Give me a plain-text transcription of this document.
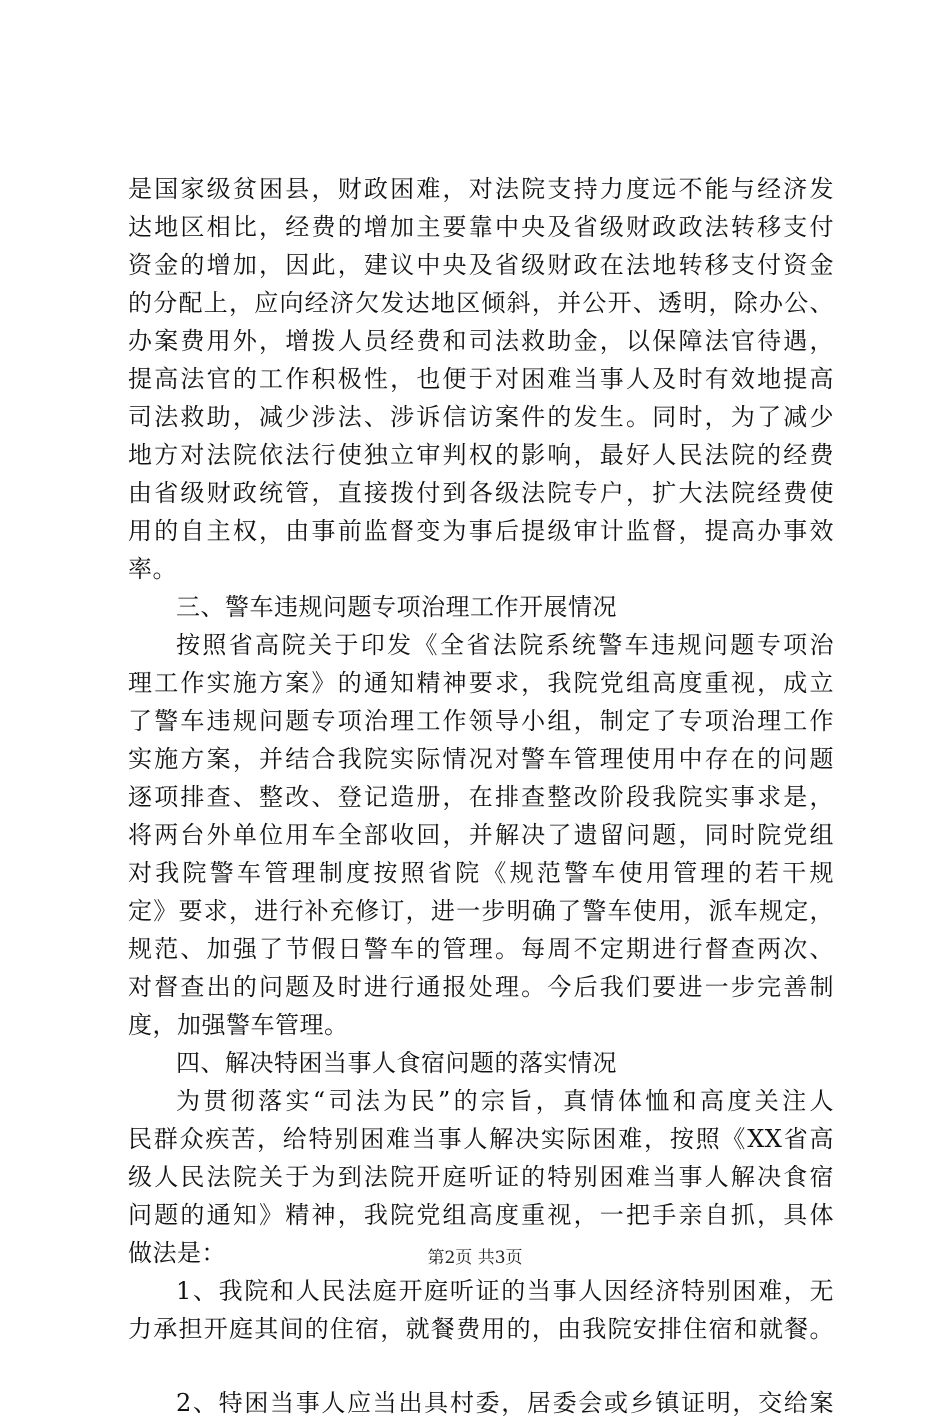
是国家级贫困县，财政困难，对法院支持力度远不能与经济发
达地区相比，经费的增加主要靠中央及省级财政政法转移支付
资金的增加，因此，建议中央及省级财政在法地转移支付资金
的分配上，应向经济欠发达地区倾斜，并公开、透明，除办公、
办案费用外，增拨人员经费和司法救助金，以保障法官待遇，
提高法官的工作积极性，也便于对困难当事人及时有效地提高
司法救助，减少涉法、涉诉信访案件的发生。同时，为了减少
地方对法院依法行使独立审判权的影响，最好人民法院的经费
由省级财政统管，直接拨付到各级法院专户，扩大法院经费使
用的自主权，由事前监督变为事后提级审计监督，提高办事效
率。
三、警车违规问题专项治理工作开展情况
按照省高院关于印发《全省法院系统警车违规问题专项治
理工作实施方案》的通知精神要求，我院党组高度重视，成立
了警车违规问题专项治理工作领导小组，制定了专项治理工作
实施方案，并结合我院实际情况对警车管理使用中存在的问题
逐项排查、整改、登记造册，在排查整改阶段我院实事求是，
将两台外单位用车全部收回，并解决了遗留问题，同时院党组
对我院警车管理制度按照省院《规范警车使用管理的若干规
定》要求，进行补充修订，进一步明确了警车使用，派车规定，
规范、加强了节假日警车的管理。每周不定期进行督查两次、
对督查出的问题及时进行通报处理。今后我们要进一步完善制
度，加强警车管理。
四、解决特困当事人食宿问题的落实情况
为贯彻落实“司法为民”的宗旨，真情体恤和高度关注人
民群众疾苦，给特别困难当事人解决实际困难，按照《XX省高
级人民法院关于为到法院开庭听证的特别困难当事人解决食宿
问题的通知》精神，我院党组高度重视，一把手亲自抓，具体
做法是：
1、我院和人民法庭开庭听证的当事人因经济特别困难，无
力承担开庭其间的住宿，就餐费用的，由我院安排住宿和就餐。
2、特困当事人应当出具村委，居委会或乡镇证明，交给案
第2页 共3页
